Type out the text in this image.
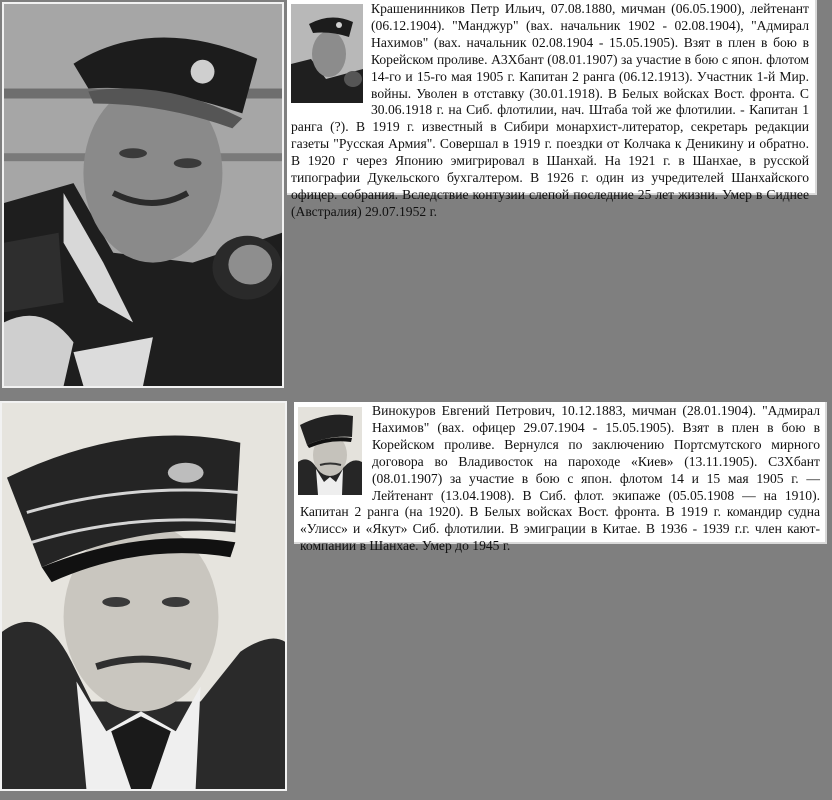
Крашенинников Петр Ильич, 07.08.1880, мичман (06.05.1900), лейтенант (06.12.1904). "Манджур" (вах. начальник 1902 - 02.08.1904), "Адмирал Нахимов" (вах. начальник 02.08.1904 - 15.05.1905). Взят в плен в бою в Корейском проливе. А3Хбант (08.01.1907) за участие в бою с япон. флотом 14-го и 15-го мая 1905 г. Капитан 2 ранга (06.12.1913). Участник 1-й Мир. войны. Уволен в отставку (30.01.1918). В Белых войсках Вост. фронта. С 30.06.1918 г. на Сиб. флотилии, нач. Штаба той же флотилии. - Капитан 1 ранга (?). В 1919 г. известный в Сибири монархист-литератор, секретарь редакции газеты "Русская Армия". Совершал в 1919 г. поездки от Колчака к Деникину и обратно. В 1920 г через Японию эмигрировал в Шанхай. На 1921 г. в Шанхае, в русской типографии Дукельского бухгалтером. В 1926 г. один из учредителей Шанхайского офицер. собрания. Вследствие контузии слепой последние 25 лет жизни. Умер в Сиднее (Австралия) 29.07.1952 г.

Винокуров Евгений Петрович, 10.12.1883, мичман (28.01.1904). "Адмирал Нахимов" (вах. офицер 29.07.1904 - 15.05.1905). Взят в плен в бою в Корейском проливе. Вернулся по заключению Портсмутского мирного договора во Владивосток на пароходе «Киев» (13.11.1905). С3Хбант (08.01.1907) за участие в бою с япон. флотом 14 и 15 мая 1905 г. — Лейтенант (13.04.1908). В Сиб. флот. экипаже (05.05.1908 — на 1910). Капитан 2 ранга (на 1920). В Белых войсках Вост. фронта. В 1919 г. командир судна «Улисс» и «Якут» Сиб. флотилии. В эмиграции в Китае. В 1936 - 1939 г.г. член кают-компании в Шанхае. Умер до 1945 г.
